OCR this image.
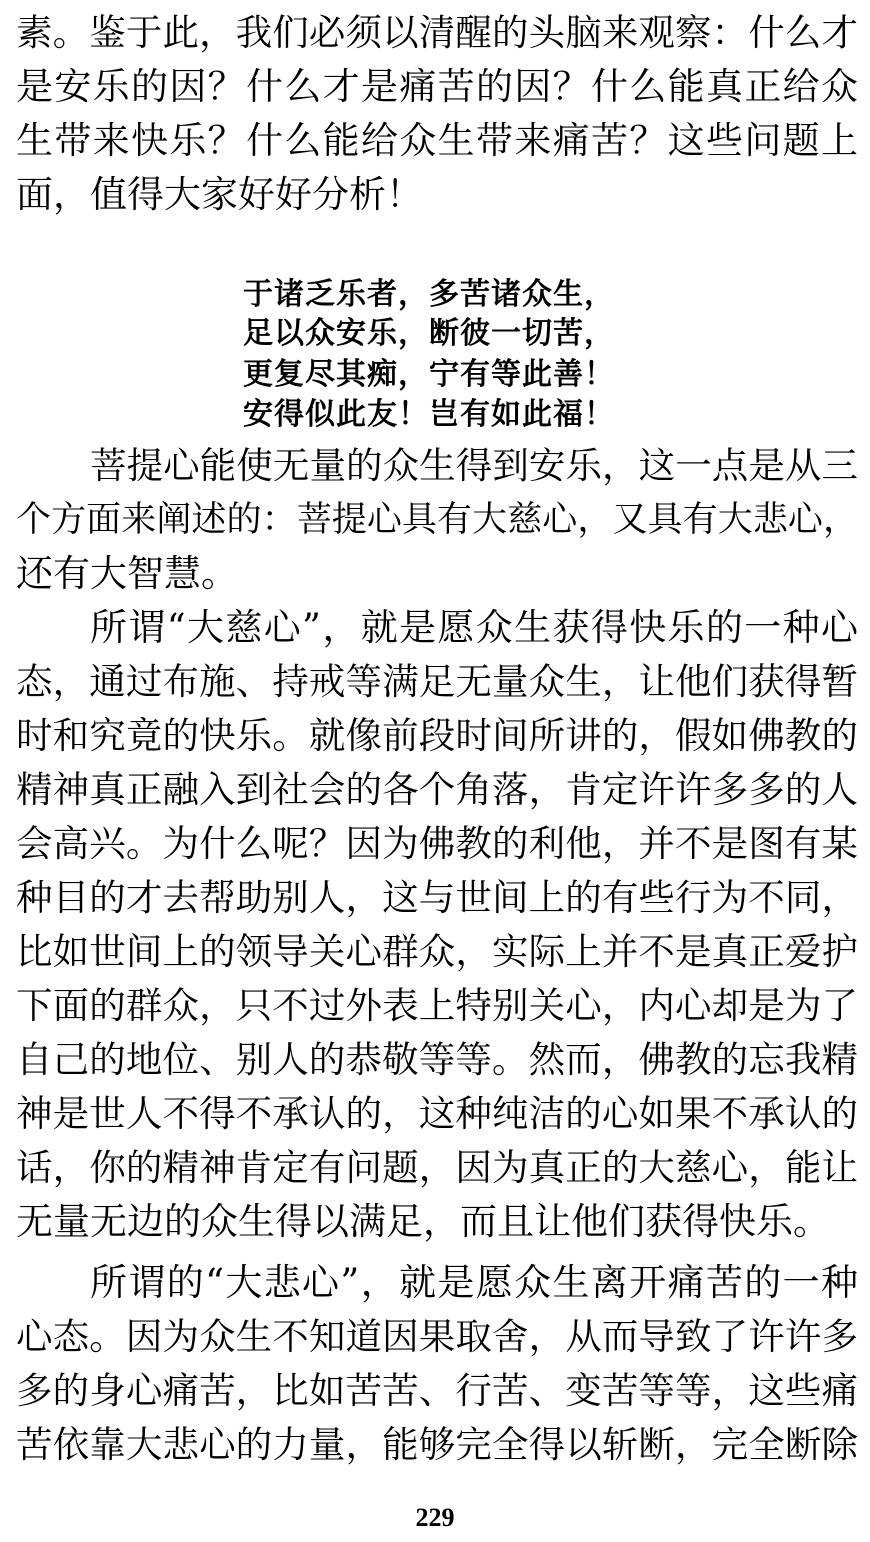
素。鉴于此，我们必须以清醒的头脑来观察：什么才
是安乐的因？什么才是痛苦的因？什么能真正给众
生带来快乐？什么能给众生带来痛苦？这些问题上
面，值得大家好好分析！
于诸乏乐者，多苦诸众生，
足以众安乐，断彼一切苦，
更复尽其痴，宁有等此善！
安得似此友！岂有如此福！
菩提心能使无量的众生得到安乐，这一点是从三
个方面来阐述的：菩提心具有大慈心，又具有大悲心，
还有大智慧。
所谓“大慈心”，就是愿众生获得快乐的一种心
态，通过布施、持戒等满足无量众生，让他们获得暂
时和究竟的快乐。就像前段时间所讲的，假如佛教的
精神真正融入到社会的各个角落，肯定许许多多的人
会高兴。为什么呢？因为佛教的利他，并不是图有某
种目的才去帮助别人，这与世间上的有些行为不同，
比如世间上的领导关心群众，实际上并不是真正爱护
下面的群众，只不过外表上特别关心，内心却是为了
自己的地位、别人的恭敬等等。然而，佛教的忘我精
神是世人不得不承认的，这种纯洁的心如果不承认的
话，你的精神肯定有问题，因为真正的大慈心，能让
无量无边的众生得以满足，而且让他们获得快乐。
所谓的“大悲心”，就是愿众生离开痛苦的一种
心态。因为众生不知道因果取舍，从而导致了许许多
多的身心痛苦，比如苦苦、行苦、变苦等等，这些痛
苦依靠大悲心的力量，能够完全得以斩断，完全断除
229
